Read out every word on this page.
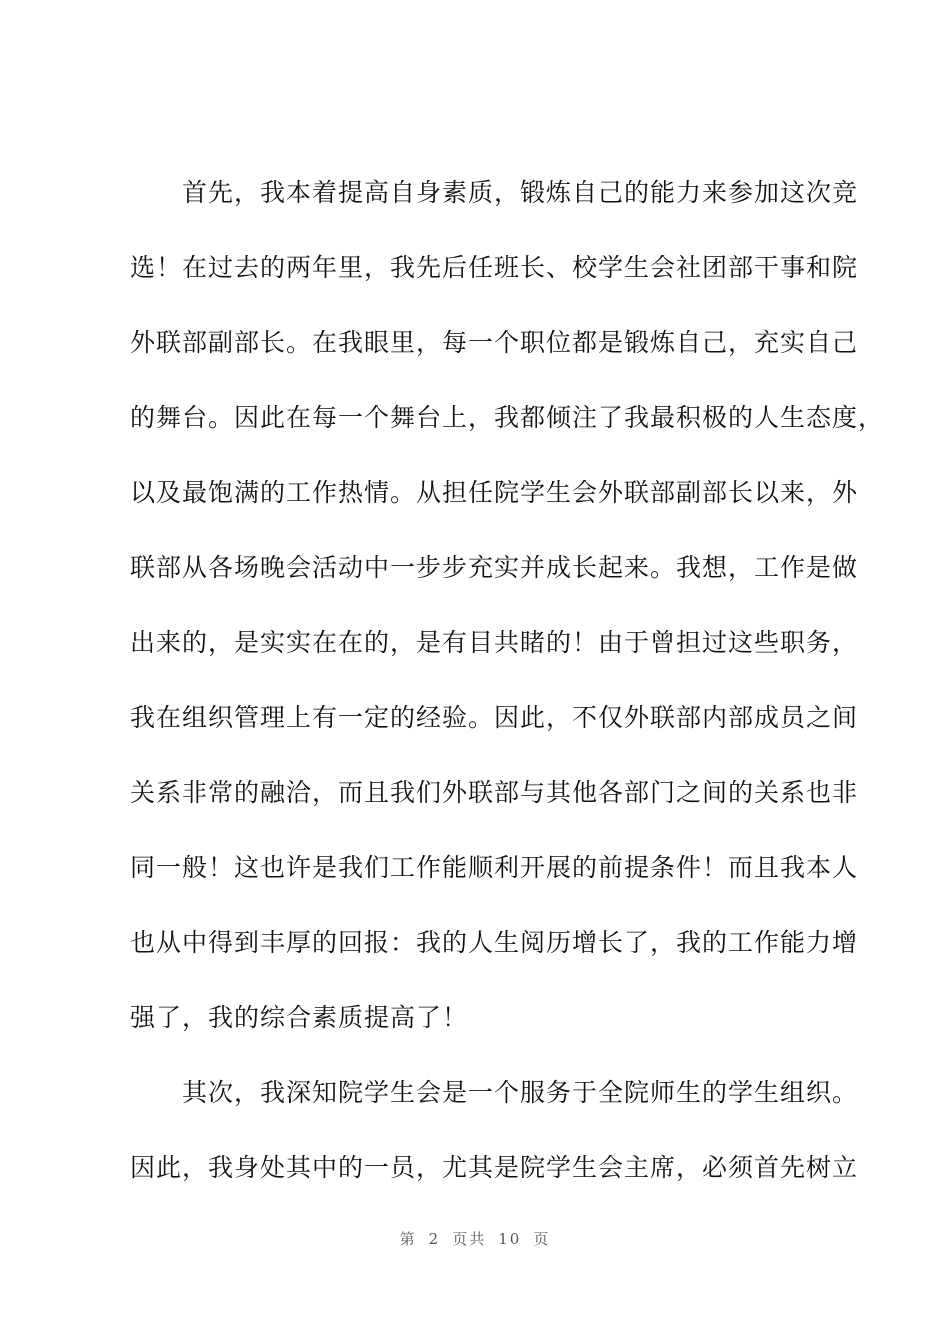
　　首先，我本着提高自身素质，锻炼自己的能力来参加这次竞
选！在过去的两年里，我先后任班长、校学生会社团部干事和院
外联部副部长。在我眼里，每一个职位都是锻炼自己，充实自己
的舞台。因此在每一个舞台上，我都倾注了我最积极的人生态度，
以及最饱满的工作热情。从担任院学生会外联部副部长以来，外
联部从各场晚会活动中一步步充实并成长起来。我想，工作是做
出来的，是实实在在的，是有目共睹的！由于曾担过这些职务，
我在组织管理上有一定的经验。因此，不仅外联部内部成员之间
关系非常的融洽，而且我们外联部与其他各部门之间的关系也非
同一般！这也许是我们工作能顺利开展的前提条件！而且我本人
也从中得到丰厚的回报：我的人生阅历增长了，我的工作能力增
强了，我的综合素质提高了！
　　其次，我深知院学生会是一个服务于全院师生的学生组织。
因此，我身处其中的一员，尤其是院学生会主席，必须首先树立
第 2 页共 10 页
